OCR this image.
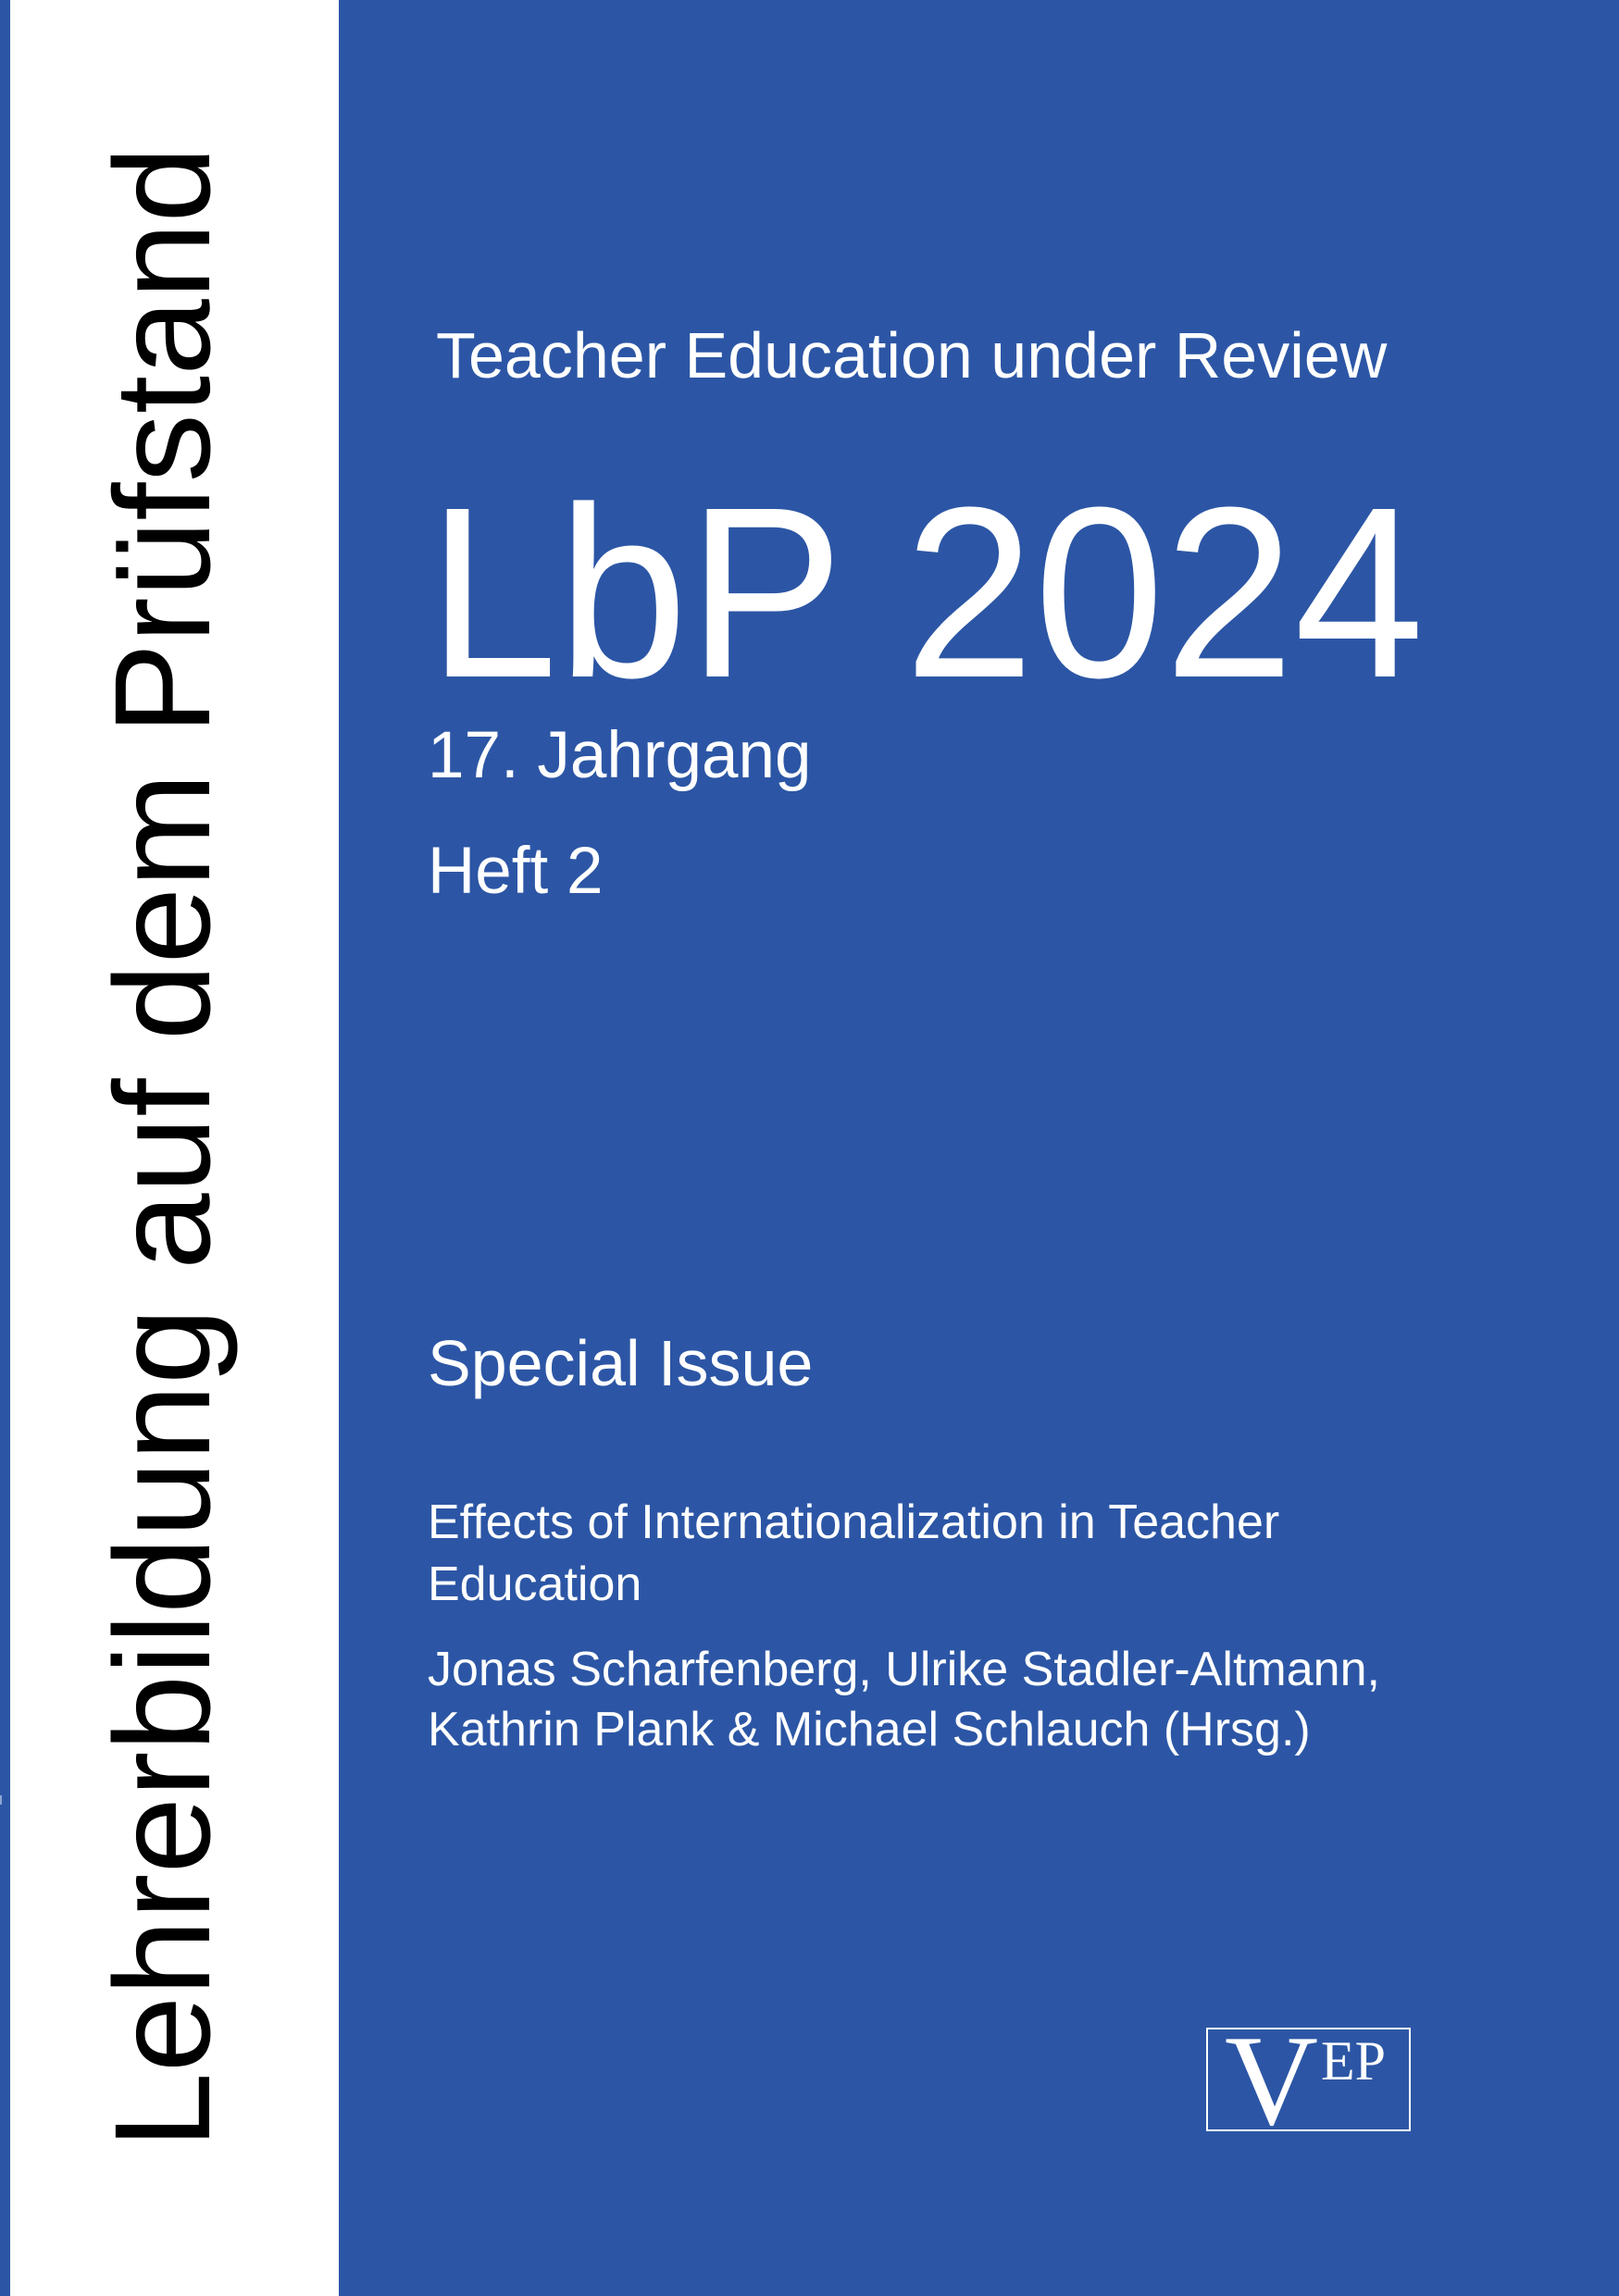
Lehrerbildung auf dem Prüfstand	Teacher Education under Review
LbP 2024
17. Jahrgang
Heft 2
Special Issue
Effects of Internationalization in Teacher
Education
Jonas Scharfenberg, Ulrike Stadler-Altmann,
Kathrin Plank & Michael Schlauch (Hrsg.)
V EP
